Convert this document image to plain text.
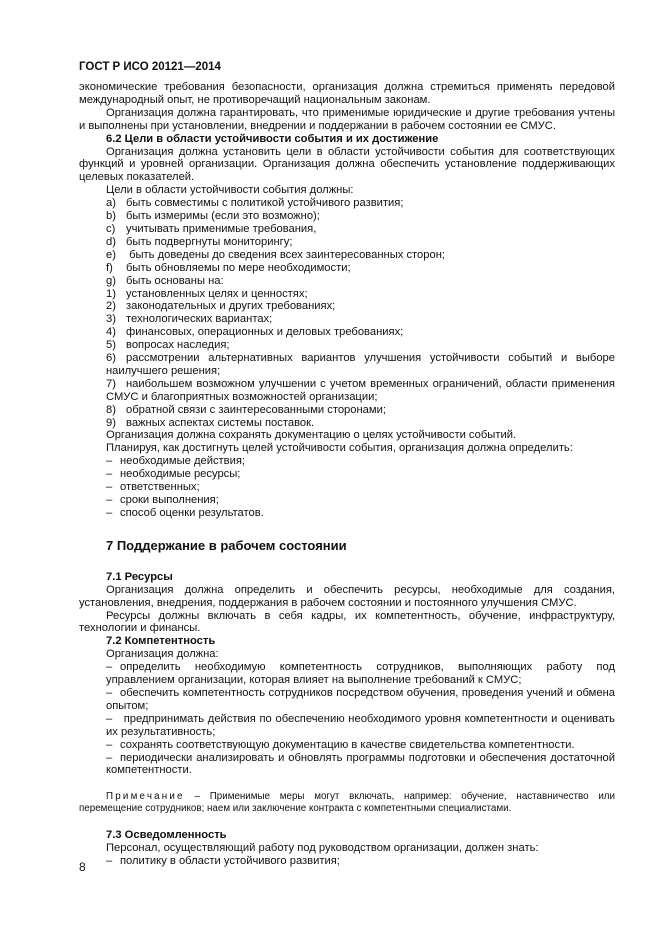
ГОСТ Р ИСО 20121—2014

экономические требования безопасности, организация должна стремиться применять передовой международный опыт, не противоречащий национальным законам.

Организация должна гарантировать, что применимые юридические и другие требования учтены и выполнены при установлении, внедрении и поддержании в рабочем состоянии ее СМУС.

6.2 Цели в области устойчивости события и их достижение

Организация должна установить цели в области устойчивости события для соответствующих функций и уровней организации. Организация должна обеспечить установление поддерживающих целевых показателей.

Цели в области устойчивости события должны:

a) быть совместимы с политикой устойчивого развития;

b) быть измеримы (если это возможно);

c) учитывать применимые требования,

d) быть подвергнуты мониторингу;

e) быть доведены до сведения всех заинтересованных сторон;

f) быть обновляемы по мере необходимости;

g) быть основаны на:

1) установленных целях и ценностях;

2) законодательных и других требованиях;

3) технологических вариантах;

4) финансовых, операционных и деловых требованиях;

5) вопросах наследия;

6) рассмотрении альтернативных вариантов улучшения устойчивости событий и выборе наилучшего решения;

7) наибольшем возможном улучшении с учетом временных ограничений, области применения СМУС и благоприятных возможностей организации;

8) обратной связи с заинтересованными сторонами;

9) важных аспектах системы поставок.

Организация должна сохранять документацию о целях устойчивости событий.

Планируя, как достигнуть целей устойчивости события, организация должна определить:

– необходимые действия;

– необходимые ресурсы;

– ответственных;

– сроки выполнения;

– способ оценки результатов.

7 Поддержание в рабочем состоянии

7.1 Ресурсы

Организация должна определить и обеспечить ресурсы, необходимые для создания, установления, внедрения, поддержания в рабочем состоянии и постоянного улучшения СМУС.

Ресурсы должны включать в себя кадры, их компетентность, обучение, инфраструктуру, технологии и финансы.

7.2 Компетентность

Организация должна:

– определить необходимую компетентность сотрудников, выполняющих работу под управлением организации, которая влияет на выполнение требований к СМУС;

– обеспечить компетентность сотрудников посредством обучения, проведения учений и обмена опытом;

– предпринимать действия по обеспечению необходимого уровня компетентности и оценивать их результативность;

– сохранять соответствующую документацию в качестве свидетельства компетентности.

– периодически анализировать и обновлять программы подготовки и обеспечения достаточной компетентности.

Примечание – Применимые меры могут включать, например: обучение, наставничество или перемещение сотрудников; наем или заключение контракта с компетентными специалистами.

7.3 Осведомленность

Персонал, осуществляющий работу под руководством организации, должен знать:

– политику в области устойчивого развития;

8
